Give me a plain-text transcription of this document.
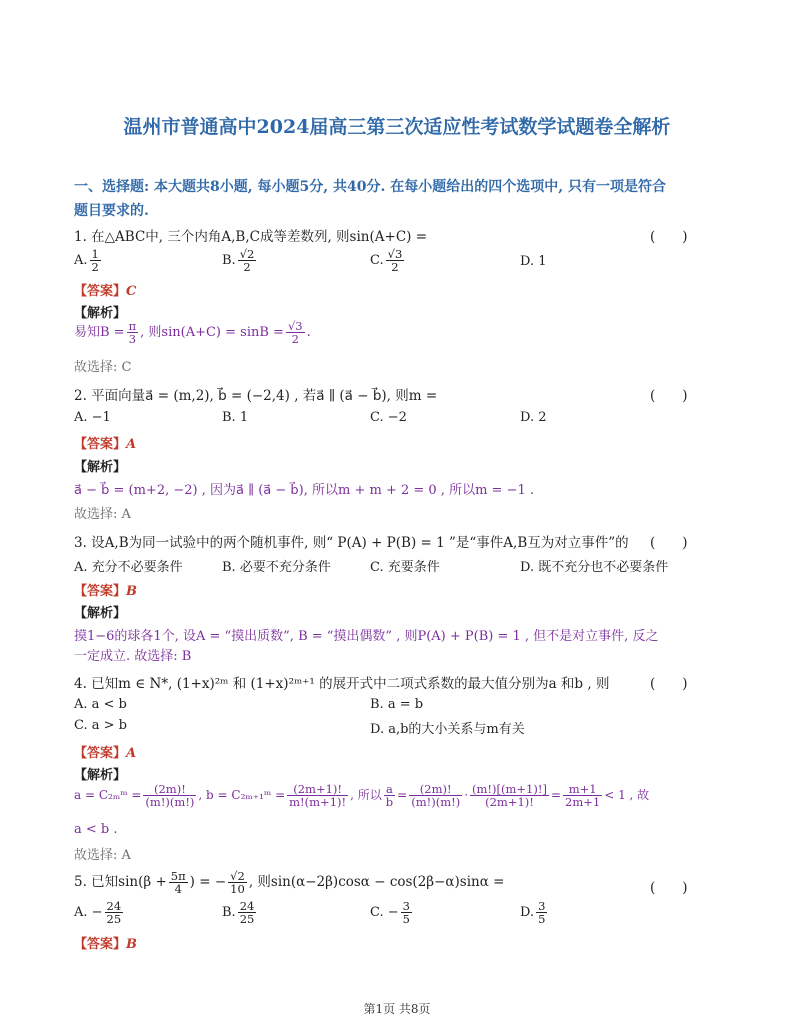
温州市普通高中2024届高三第三次适应性考试数学试题卷全解析
一、选择题: 本大题共8小题, 每小题5分, 共40分. 在每小题给出的四个选项中, 只有一项是符合
题目要求的.
1. 在△ABC中, 三个内角A,B,C成等差数列, 则sin(A+C) =	(　　)
A. $\frac{1}{2}$	B. $\frac{√2}{2}$	C. $\frac{√3}{2}$	D. 1
【答案】C
【解析】
易知$B = \frac{\pi}{3}$ , 则$\sin(A+C) = \sin B = \frac{√3}{2}$ .
故选择: C
2. 平面向量a⃗ = (m,2), b⃗ = (−2,4) , 若a⃗ ∥ (a⃗ − b⃗), 则m =	(　　)
A. −1	B. 1	C. −2	D. 2
【答案】A
【解析】
a⃗ − b⃗ = (m+2, −2) , 因为a⃗ ∥ (a⃗ − b⃗), 所以m + m + 2 = 0 , 所以m = −1 .
故选择: A
3. 设A,B为同一试验中的两个随机事件, 则“ P(A) + P(B) = 1 ”是“事件A,B互为对立事件”的 (　　)
A. 充分不必要条件	B. 必要不充分条件	C. 充要条件	D. 既不充分也不必要条件
【答案】B
【解析】
摸1−6的球各1个, 设A = “摸出质数”, B = “摸出偶数” , 则P(A) + P(B) = 1 , 但不是对立事件, 反之
一定成立. 故选择: B
4. 已知m ∈ N*, (1+x)²ᵐ 和 (1+x)²ᵐ⁺¹ 的展开式中二项式系数的最大值分别为a 和b , 则	(　　)
A. a < b	B. a = b
C. a > b	D. a,b的大小关系与m有关
【答案】A
【解析】
a = C₂ₘᵐ = $\frac{(2m)!}{(m!)(m!)}$ , b = C₂ₘ₊₁ᵐ = $\frac{(2m+1)!}{m!(m+1)!}$ , 所以 $\frac{a}{b} = \frac{(2m)!}{(m!)(m!)} \cdot \frac{(m!)[(m+1)!]}{(2m+1)!} = \frac{m+1}{2m+1} < 1$ , 故
a < b .
故选择: A
5. 已知$\sin(\beta + \frac{5\pi}{4}$ ) = − $\frac{√2}{10}$ , 则sin(α−2β)cosα − cos(2β−α)sinα =	(　　)
A. − $\frac{24}{25}$	B. $\frac{24}{25}$	C. − $\frac{3}{5}$	D. $\frac{3}{5}$
【答案】B
第1页 共8页
